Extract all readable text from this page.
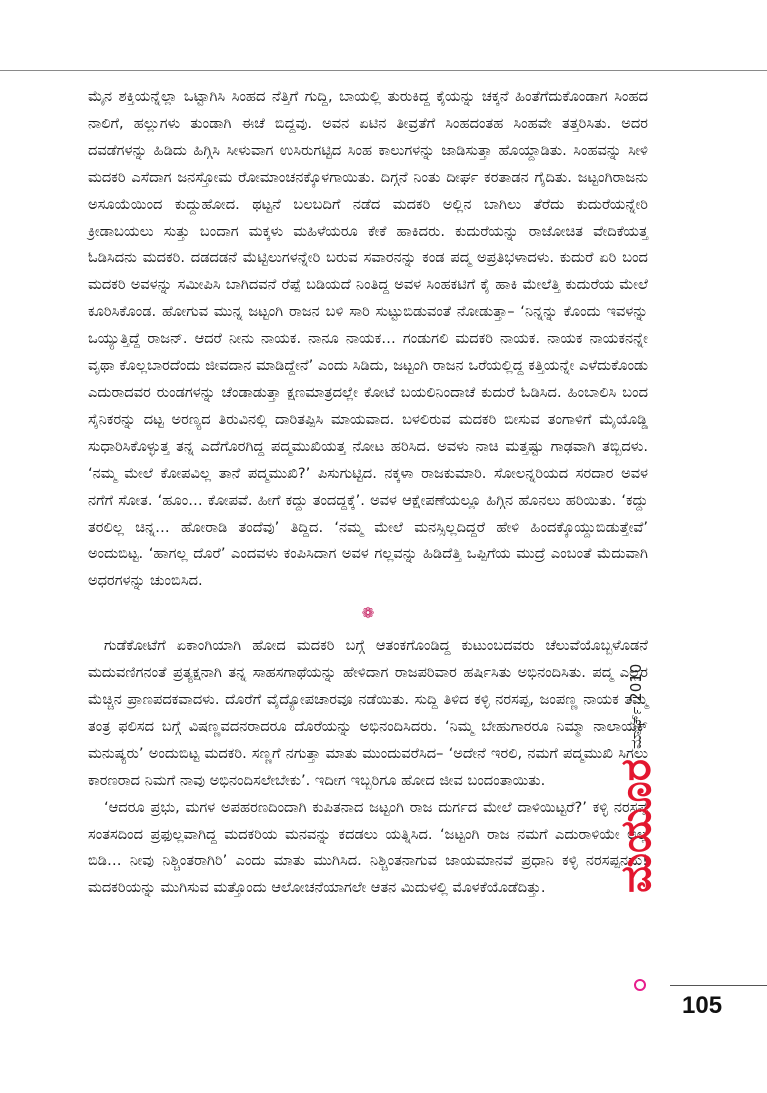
ಮೈನ ಶಕ್ತಿಯನ್ನೆಲ್ಲಾ ಒಟ್ಟಾಗಿಸಿ ಸಿಂಹದ ನೆತ್ತಿಗೆ ಗುದ್ದಿ, ಬಾಯಲ್ಲಿ ತುರುಕಿದ್ದ ಕೈಯನ್ನು ಚಕ್ಕನೆ ಹಿಂತೆಗೆದುಕೊಂಡಾಗ ಸಿಂಹದ ನಾಲಿಗೆ, ಹಲ್ಲುಗಳು ತುಂಡಾಗಿ ಈಚೆ ಬಿದ್ದವು. ಅವನ ಏಟಿನ ತೀವ್ರತೆಗೆ ಸಿಂಹದಂತಹ ಸಿಂಹವೇ ತತ್ತರಿಸಿತು. ಅದರ ದವಡೆಗಳನ್ನು ಹಿಡಿದು ಹಿಗ್ಗಿಸಿ ಸೀಳುವಾಗ ಉಸಿರುಗಟ್ಟಿದ ಸಿಂಹ ಕಾಲುಗಳನ್ನು ಜಾಡಿಸುತ್ತಾ ಹೊಯ್ದಾಡಿತು. ಸಿಂಹವನ್ನು ಸೀಳಿ ಮದಕರಿ ಎಸೆದಾಗ ಜನಸ್ತೋಮ ರೋಮಾಂಚನಕ್ಕೊಳಗಾಯಿತು. ದಿಗ್ಗನೆ ನಿಂತು ದೀರ್ಘ ಕರತಾಡನ ಗೈದಿತು. ಜಟ್ಟಂಗಿರಾಜನು ಅಸೂಯೆಯಿಂದ ಕುದ್ದುಹೋದ. ಥಟ್ಟನೆ ಬಲಬದಿಗೆ ನಡೆದ ಮದಕರಿ ಅಲ್ಲಿನ ಬಾಗಿಲು ತೆರೆದು ಕುದುರೆಯನ್ನೇರಿ ಕ್ರೀಡಾಬಯಲು ಸುತ್ತು ಬಂದಾಗ ಮಕ್ಕಳು ಮಹಿಳೆಯರೂ ಕೇಕೆ ಹಾಕಿದರು. ಕುದುರೆಯನ್ನು ರಾಜೋಚಿತ ವೇದಿಕೆಯತ್ತ ಓಡಿಸಿದನು ಮದಕರಿ. ದಡದಡನೆ ಮೆಟ್ಟಿಲುಗಳನ್ನೇರಿ ಬರುವ ಸವಾರನನ್ನು ಕಂಡ ಪದ್ಮ ಅಪ್ರತಿಭಳಾದಳು. ಕುದುರೆ ಏರಿ ಬಂದ ಮದಕರಿ ಅವಳನ್ನು ಸಮೀಪಿಸಿ ಬಾಗಿದವನೆ ರೆಪ್ಪೆ ಬಡಿಯದೆ ನಿಂತಿದ್ದ ಅವಳ ಸಿಂಹಕಟಿಗೆ ಕೈ ಹಾಕಿ ಮೇಲೆತ್ತಿ ಕುದುರೆಯ ಮೇಲೆ ಕೂರಿಸಿಕೊಂಡ. ಹೋಗುವ ಮುನ್ನ ಜಟ್ಟಂಗಿ ರಾಜನ ಬಳಿ ಸಾರಿ ಸುಟ್ಟುಬಿಡುವಂತೆ ನೋಡುತ್ತಾ– ‘ನಿನ್ನನ್ನು ಕೊಂದು ಇವಳನ್ನು ಒಯ್ಯುತ್ತಿದ್ದೆ ರಾಜನ್. ಆದರೆ ನೀನು ನಾಯಕ. ನಾನೂ ನಾಯಕ… ಗಂಡುಗಲಿ ಮದಕರಿ ನಾಯಕ. ನಾಯಕ ನಾಯಕನನ್ನೇ ವೃಥಾ ಕೊಲ್ಲಬಾರದೆಂದು ಜೀವದಾನ ಮಾಡಿದ್ದೇನೆ’ ಎಂದು ಸಿಡಿದು, ಜಟ್ಟಂಗಿ ರಾಜನ ಒರೆಯಲ್ಲಿದ್ದ ಕತ್ತಿಯನ್ನೇ ಎಳೆದುಕೊಂಡು ಎದುರಾದವರ ರುಂಡಗಳನ್ನು ಚೆಂಡಾಡುತ್ತಾ ಕ್ಷಣಮಾತ್ರದಲ್ಲೇ ಕೋಟೆ ಬಯಲಿನಿಂದಾಚೆ ಕುದುರೆ ಓಡಿಸಿದ. ಹಿಂಬಾಲಿಸಿ ಬಂದ ಸೈನಿಕರನ್ನು ದಟ್ಟ ಅರಣ್ಯದ ತಿರುವಿನಲ್ಲಿ ದಾರಿತಪ್ಪಿಸಿ ಮಾಯವಾದ. ಬಳಲಿರುವ ಮದಕರಿ ಬೀಸುವ ತಂಗಾಳಿಗೆ ಮೈಯೊಡ್ಡಿ ಸುಧಾರಿಸಿಕೊಳ್ಳುತ್ತ ತನ್ನ ಎದೆಗೊರಗಿದ್ದ ಪದ್ಮಮುಖಿಯತ್ತ ನೋಟ ಹರಿಸಿದ. ಅವಳು ನಾಚಿ ಮತ್ತಷ್ಟು ಗಾಢವಾಗಿ ತಬ್ಬಿದಳು. ‘ನಮ್ಮ ಮೇಲೆ ಕೋಪವಿಲ್ಲ ತಾನೆ ಪದ್ಮಮುಖಿ?’ ಪಿಸುಗುಟ್ಟಿದ. ನಕ್ಕಳಾ ರಾಜಕುಮಾರಿ. ಸೋಲನ್ನರಿಯದ ಸರದಾರ ಅವಳ ನಗೆಗೆ ಸೋತ. ‘ಹೂಂ… ಕೋಪವೆ. ಹೀಗೆ ಕದ್ದು ತಂದದ್ದಕ್ಕೆ’. ಅವಳ ಆಕ್ಷೇಪಣೆಯಲ್ಲೂ ಹಿಗ್ಗಿನ ಹೊನಲು ಹರಿಯಿತು. ‘ಕದ್ದು ತರಲಿಲ್ಲ ಚಿನ್ನ… ಹೋರಾಡಿ ತಂದೆವು’ ತಿದ್ದಿದ. ‘ನಮ್ಮ ಮೇಲೆ ಮನಸ್ಸಿಲ್ಲದಿದ್ದರೆ ಹೇಳಿ ಹಿಂದಕ್ಕೊಯ್ದುಬಿಡುತ್ತೇವೆ’ ಅಂದುಬಿಟ್ಟ. ‘ಹಾಗಲ್ಲ ದೊರೆ’ ಎಂದವಳು ಕಂಪಿಸಿದಾಗ ಅವಳ ಗಲ್ಲವನ್ನು ಹಿಡಿದೆತ್ತಿ ಒಪ್ಪಿಗೆಯ ಮುದ್ರೆ ಎಂಬಂತೆ ಮೆದುವಾಗಿ ಅಧರಗಳನ್ನು ಚುಂಬಿಸಿದ.

❁

ಗುಡೆಕೋಟೆಗೆ ಏಕಾಂಗಿಯಾಗಿ ಹೋದ ಮದಕರಿ ಬಗ್ಗೆ ಆತಂಕಗೊಂಡಿದ್ದ ಕುಟುಂಬದವರು ಚೆಲುವೆಯೊಬ್ಬಳೊಡನೆ ಮದುವಣಿಗನಂತೆ ಪ್ರತ್ಯಕ್ಷನಾಗಿ ತನ್ನ ಸಾಹಸಗಾಥೆಯನ್ನು ಹೇಳಿದಾಗ ರಾಜಪರಿವಾರ ಹರ್ಷಿಸಿತು ಅಭಿನಂದಿಸಿತು. ಪದ್ಮ ಎಲ್ಲರ ಮೆಚ್ಚಿನ ಪ್ರಾಣಪದಕವಾದಳು. ದೊರೆಗೆ ವೈದ್ಯೋಪಚಾರವೂ ನಡೆಯಿತು. ಸುದ್ದಿ ತಿಳಿದ ಕಳ್ಳಿ ನರಸಪ್ಪ, ಜಂಪಣ್ಣ ನಾಯಕ ತಮ್ಮ ತಂತ್ರ ಫಲಿಸದ ಬಗ್ಗೆ ವಿಷಣ್ಣವದನರಾದರೂ ದೊರೆಯನ್ನು ಅಭಿನಂದಿಸಿದರು. ‘ನಿಮ್ಮ ಬೇಹುಗಾರರೂ ನಿಮ್ಮಾ ನಾಲಾಯಕ್ ಮನುಷ್ಯರು’ ಅಂದುಬಿಟ್ಟ ಮದಕರಿ. ಸಣ್ಣಗೆ ನಗುತ್ತಾ ಮಾತು ಮುಂದುವರೆಸಿದ– ‘ಅದೇನೆ ಇರಲಿ, ನಮಗೆ ಪದ್ಮಮುಖಿ ಸಿಗಲು ಕಾರಣರಾದ ನಿಮಗೆ ನಾವು ಅಭಿನಂದಿಸಲೇಬೇಕು’. ಇದೀಗ ಇಬ್ಬರಿಗೂ ಹೋದ ಜೀವ ಬಂದಂತಾಯಿತು.

‘ಆದರೂ ಪ್ರಭು, ಮಗಳ ಅಪಹರಣದಿಂದಾಗಿ ಕುಪಿತನಾದ ಜಟ್ಟಂಗಿ ರಾಜ ದುರ್ಗದ ಮೇಲೆ ದಾಳಿಯಿಟ್ಟರೆ?’ ಕಳ್ಳಿ ನರಸಪ್ಪ ಸಂತಸದಿಂದ ಪ್ರಫುಲ್ಲವಾಗಿದ್ದ ಮದಕರಿಯ ಮನವನ್ನು ಕದಡಲು ಯತ್ನಿಸಿದ. ‘ಜಟ್ಟಂಗಿ ರಾಜ ನಮಗೆ ಎದುರಾಳಿಯೇ ಅಲ್ಲ ಬಿಡಿ… ನೀವು ನಿಶ್ಚಿಂತರಾಗಿರಿ’ ಎಂದು ಮಾತು ಮುಗಿಸಿದ. ನಿಶ್ಚಿಂತನಾಗುವ ಜಾಯಮಾನವೆ ಪ್ರಧಾನಿ ಕಳ್ಳಿ ನರಸಪ್ಪನದು! ಮದಕರಿಯನ್ನು ಮುಗಿಸುವ ಮತ್ತೊಂದು ಆಲೋಚನೆಯಾಗಲೇ ಆತನ ಮಿದುಳಲ್ಲಿ ಮೊಳಕೆಯೊಡೆದಿತ್ತು.	ಮಯೂರ
ಮಾರ್ಚ್ 2010
105
